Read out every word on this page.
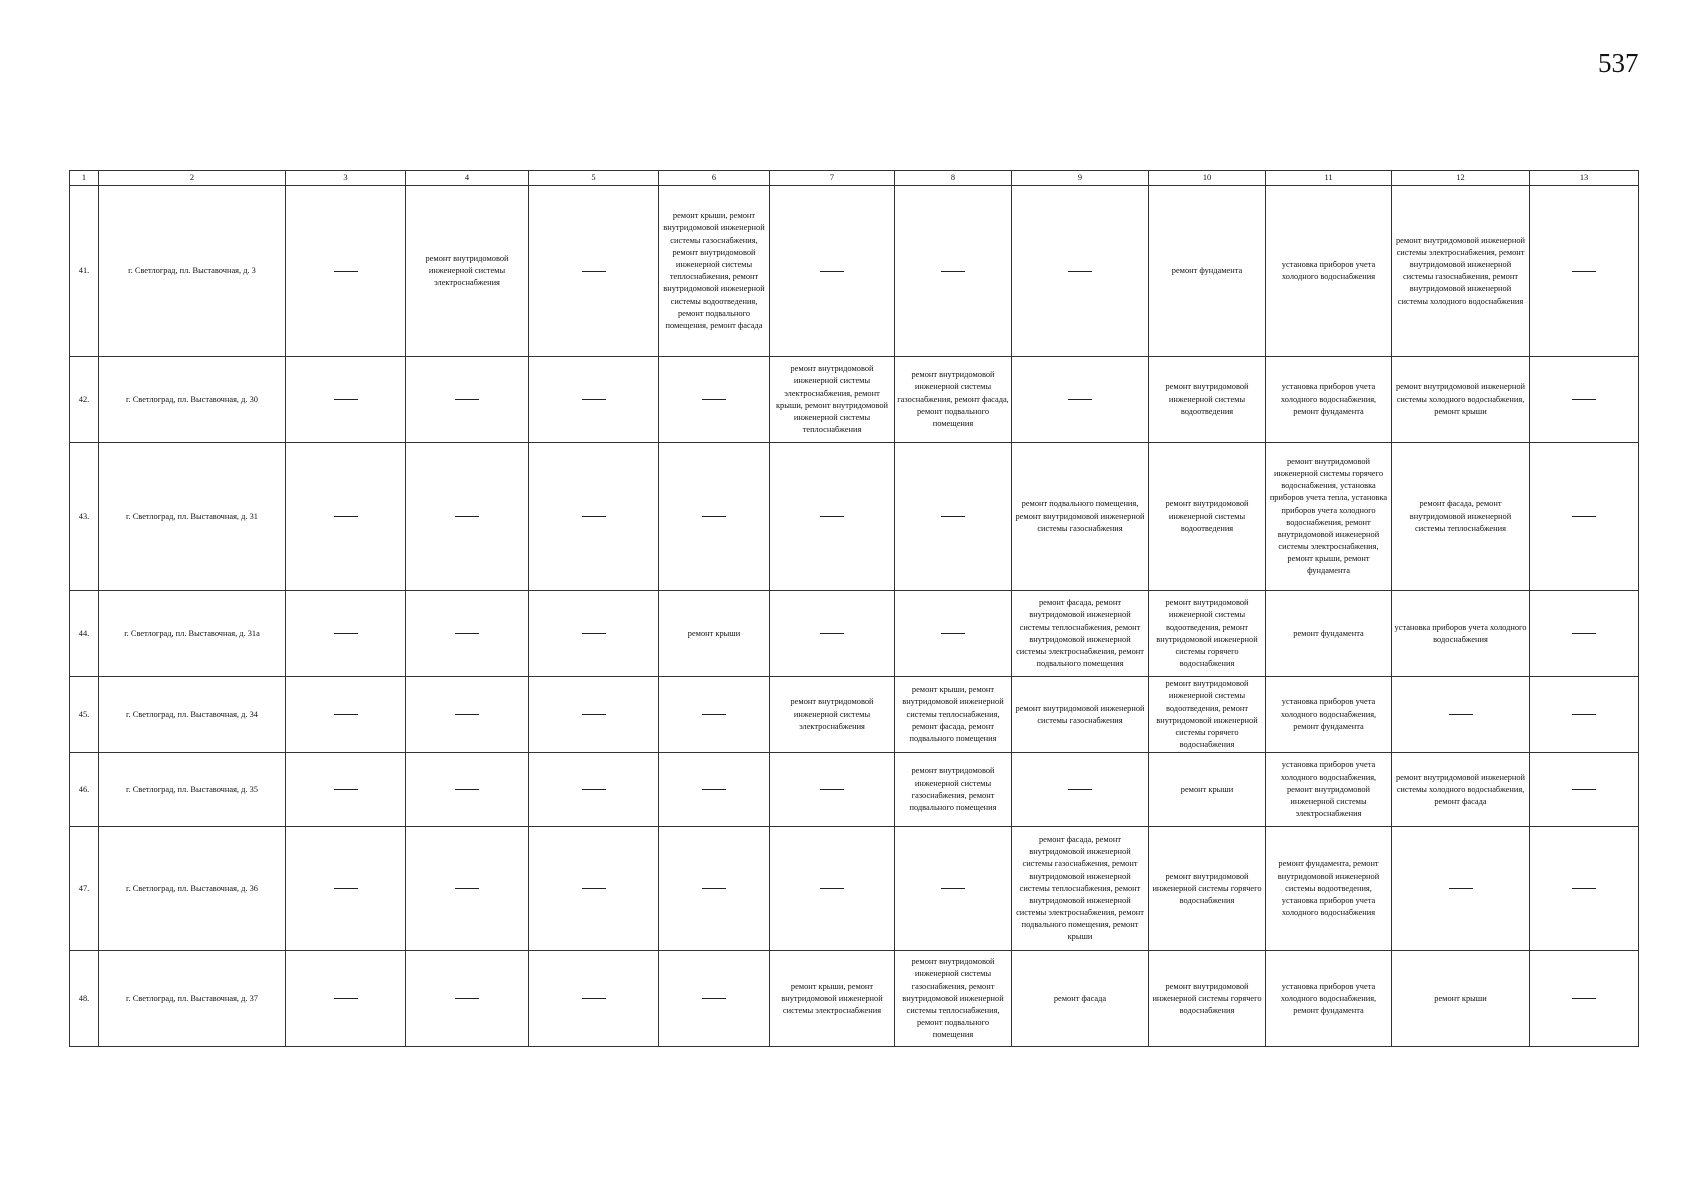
537
1	2	3	4	5	6	7	8	9	10	11	12	13
41.	г. Светлоград, пл. Выставочная, д. 3		ремонт внутридомовой инженерной системы электроснабжения		ремонт крыши, ремонт внутридомовой инженерной системы газоснабжения, ремонт внутридомовой инженерной системы теплоснабжения, ремонт внутридомовой инженерной системы водоотведения, ремонт подвального помещения, ремонт фасада				ремонт фундамента	установка приборов учета холодного водоснабжения	ремонт внутридомовой инженерной системы электроснабжения, ремонт внутридомовой инженерной системы газоснабжения, ремонт внутридомовой инженерной системы холодного водоснабжения	
42.	г. Светлоград, пл. Выставочная, д. 30					ремонт внутридомовой инженерной системы электроснабжения, ремонт крыши, ремонт внутридомовой инженерной системы теплоснабжения	ремонт внутридомовой инженерной системы газоснабжения, ремонт фасада, ремонт подвального помещения		ремонт внутридомовой инженерной системы водоотведения	установка приборов учета холодного водоснабжения, ремонт фундамента	ремонт внутридомовой инженерной системы холодного водоснабжения, ремонт крыши	
43.	г. Светлоград, пл. Выставочная, д. 31							ремонт подвального помещения, ремонт внутридомовой инженерной системы газоснабжения	ремонт внутридомовой инженерной системы водоотведения	ремонт внутридомовой инженерной системы горячего водоснабжения, установка приборов учета тепла, установка приборов учета холодного водоснабжения, ремонт внутридомовой инженерной системы электроснабжения, ремонт крыши, ремонт фундамента	ремонт фасада, ремонт внутридомовой инженерной системы теплоснабжения	
44.	г. Светлоград, пл. Выставочная, д. 31а				ремонт крыши			ремонт фасада, ремонт внутридомовой инженерной системы теплоснабжения, ремонт внутридомовой инженерной системы электроснабжения, ремонт подвального помещения	ремонт внутридомовой инженерной системы водоотведения, ремонт внутридомовой инженерной системы горячего водоснабжения	ремонт фундамента	установка приборов учета холодного водоснабжения	
45.	г. Светлоград, пл. Выставочная, д. 34					ремонт внутридомовой инженерной системы электроснабжения	ремонт крыши, ремонт внутридомовой инженерной системы теплоснабжения, ремонт фасада, ремонт подвального помещения	ремонт внутридомовой инженерной системы газоснабжения	ремонт внутридомовой инженерной системы водоотведения, ремонт внутридомовой инженерной системы горячего водоснабжения	установка приборов учета холодного водоснабжения, ремонт фундамента		
46.	г. Светлоград, пл. Выставочная, д. 35						ремонт внутридомовой инженерной системы газоснабжения, ремонт подвального помещения		ремонт крыши	установка приборов учета холодного водоснабжения, ремонт внутридомовой инженерной системы электроснабжения	ремонт внутридомовой инженерной системы холодного водоснабжения, ремонт фасада	
47.	г. Светлоград, пл. Выставочная, д. 36							ремонт фасада, ремонт внутридомовой инженерной системы газоснабжения, ремонт внутридомовой инженерной системы теплоснабжения, ремонт внутридомовой инженерной системы электроснабжения, ремонт подвального помещения, ремонт крыши	ремонт внутридомовой инженерной системы горячего водоснабжения	ремонт фундамента, ремонт внутридомовой инженерной системы водоотведения, установка приборов учета холодного водоснабжения		
48.	г. Светлоград, пл. Выставочная, д. 37					ремонт крыши, ремонт внутридомовой инженерной системы электроснабжения	ремонт внутридомовой инженерной системы газоснабжения, ремонт внутридомовой инженерной системы теплоснабжения, ремонт подвального помещения	ремонт фасада	ремонт внутридомовой инженерной системы горячего водоснабжения	установка приборов учета холодного водоснабжения, ремонт фундамента	ремонт крыши	
